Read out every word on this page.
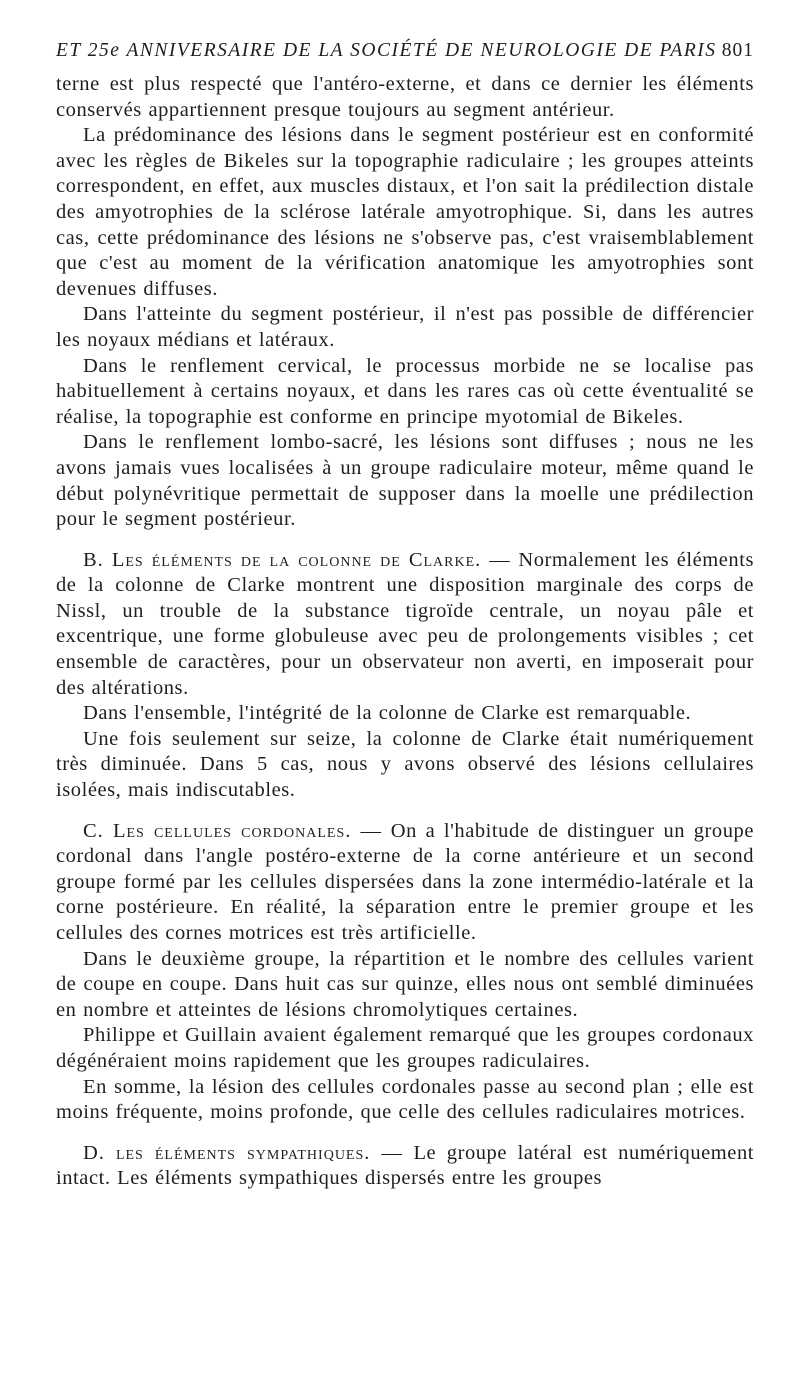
ET 25e ANNIVERSAIRE DE LA SOCIÉTÉ DE NEUROLOGIE DE PARIS 801

terne est plus respecté que l'antéro-externe, et dans ce dernier les éléments conservés appartiennent presque toujours au segment antérieur.

La prédominance des lésions dans le segment postérieur est en conformité avec les règles de Bikeles sur la topographie radiculaire ; les groupes atteints correspondent, en effet, aux muscles distaux, et l'on sait la prédilection distale des amyotrophies de la sclérose latérale amyotrophique. Si, dans les autres cas, cette prédominance des lésions ne s'observe pas, c'est vraisemblablement que c'est au moment de la vérification anatomique les amyotrophies sont devenues diffuses.

Dans l'atteinte du segment postérieur, il n'est pas possible de différencier les noyaux médians et latéraux.

Dans le renflement cervical, le processus morbide ne se localise pas habituellement à certains noyaux, et dans les rares cas où cette éventualité se réalise, la topographie est conforme en principe myotomial de Bikeles.

Dans le renflement lombo-sacré, les lésions sont diffuses ; nous ne les avons jamais vues localisées à un groupe radiculaire moteur, même quand le début polynévritique permettait de supposer dans la moelle une prédilection pour le segment postérieur.

B. Les éléments de la colonne de Clarke. — Normalement les éléments de la colonne de Clarke montrent une disposition marginale des corps de Nissl, un trouble de la substance tigroïde centrale, un noyau pâle et excentrique, une forme globuleuse avec peu de prolongements visibles ; cet ensemble de caractères, pour un observateur non averti, en imposerait pour des altérations.

Dans l'ensemble, l'intégrité de la colonne de Clarke est remarquable.

Une fois seulement sur seize, la colonne de Clarke était numériquement très diminuée. Dans 5 cas, nous y avons observé des lésions cellulaires isolées, mais indiscutables.

C. Les cellules cordonales. — On a l'habitude de distinguer un groupe cordonal dans l'angle postéro-externe de la corne antérieure et un second groupe formé par les cellules dispersées dans la zone intermédio-latérale et la corne postérieure. En réalité, la séparation entre le premier groupe et les cellules des cornes motrices est très artificielle.

Dans le deuxième groupe, la répartition et le nombre des cellules varient de coupe en coupe. Dans huit cas sur quinze, elles nous ont semblé diminuées en nombre et atteintes de lésions chromolytiques certaines.

Philippe et Guillain avaient également remarqué que les groupes cordonaux dégénéraient moins rapidement que les groupes radiculaires.

En somme, la lésion des cellules cordonales passe au second plan ; elle est moins fréquente, moins profonde, que celle des cellules radiculaires motrices.

D. les éléments sympathiques. — Le groupe latéral est numériquement intact. Les éléments sympathiques dispersés entre les groupes
